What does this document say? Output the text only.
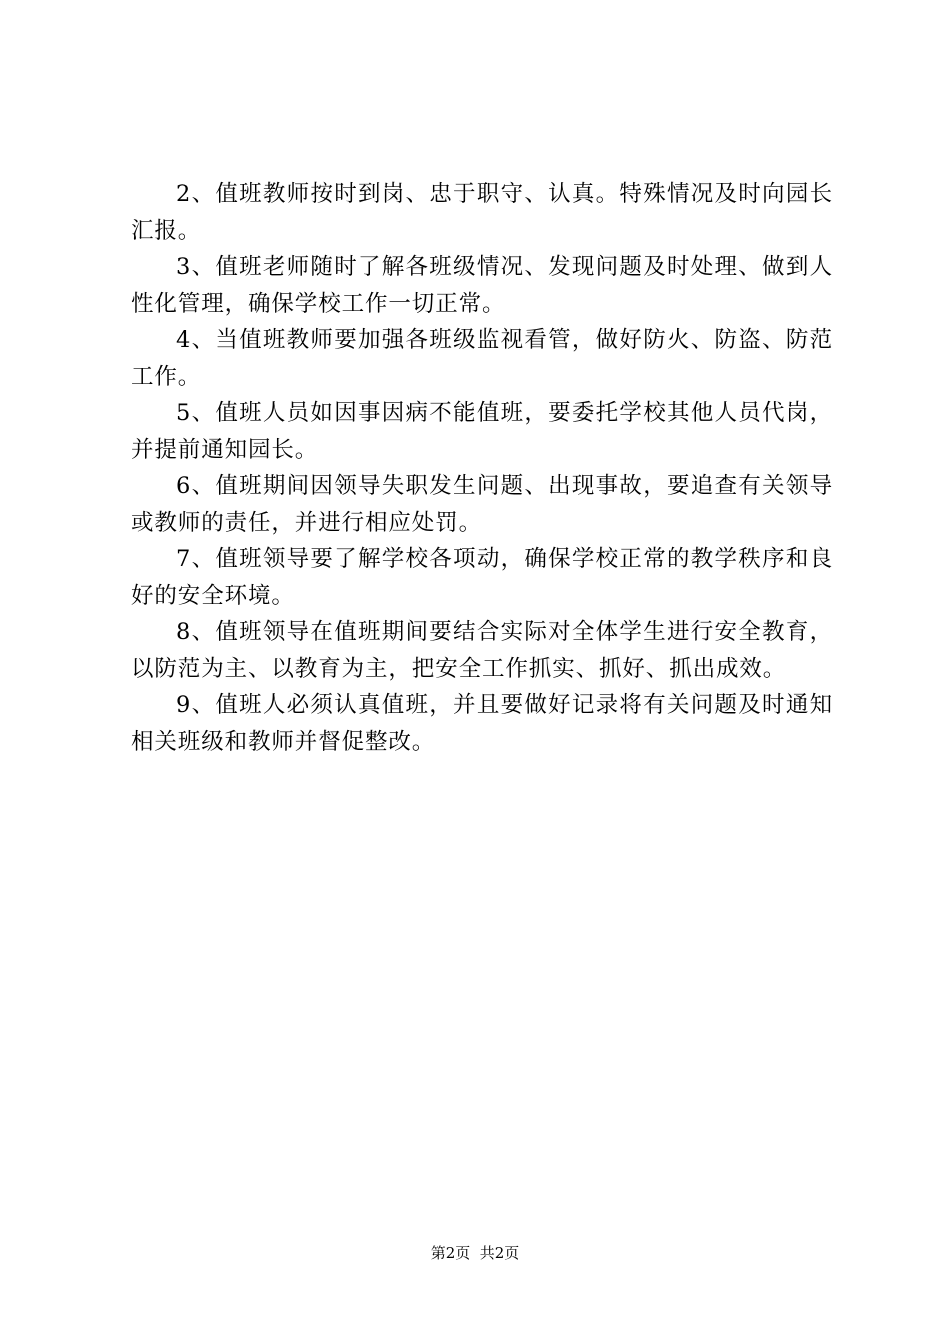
2、值班教师按时到岗、忠于职守、认真。特殊情况及时向园长汇报。

3、值班老师随时了解各班级情况、发现问题及时处理、做到人性化管理，确保学校工作一切正常。

4、当值班教师要加强各班级监视看管，做好防火、防盗、防范工作。

5、值班人员如因事因病不能值班，要委托学校其他人员代岗，并提前通知园长。

6、值班期间因领导失职发生问题、出现事故，要追查有关领导或教师的责任，并进行相应处罚。

7、值班领导要了解学校各项动，确保学校正常的教学秩序和良好的安全环境。

8、值班领导在值班期间要结合实际对全体学生进行安全教育，以防范为主、以教育为主，把安全工作抓实、抓好、抓出成效。

9、值班人必须认真值班，并且要做好记录将有关问题及时通知相关班级和教师并督促整改。

第2页  共2页
